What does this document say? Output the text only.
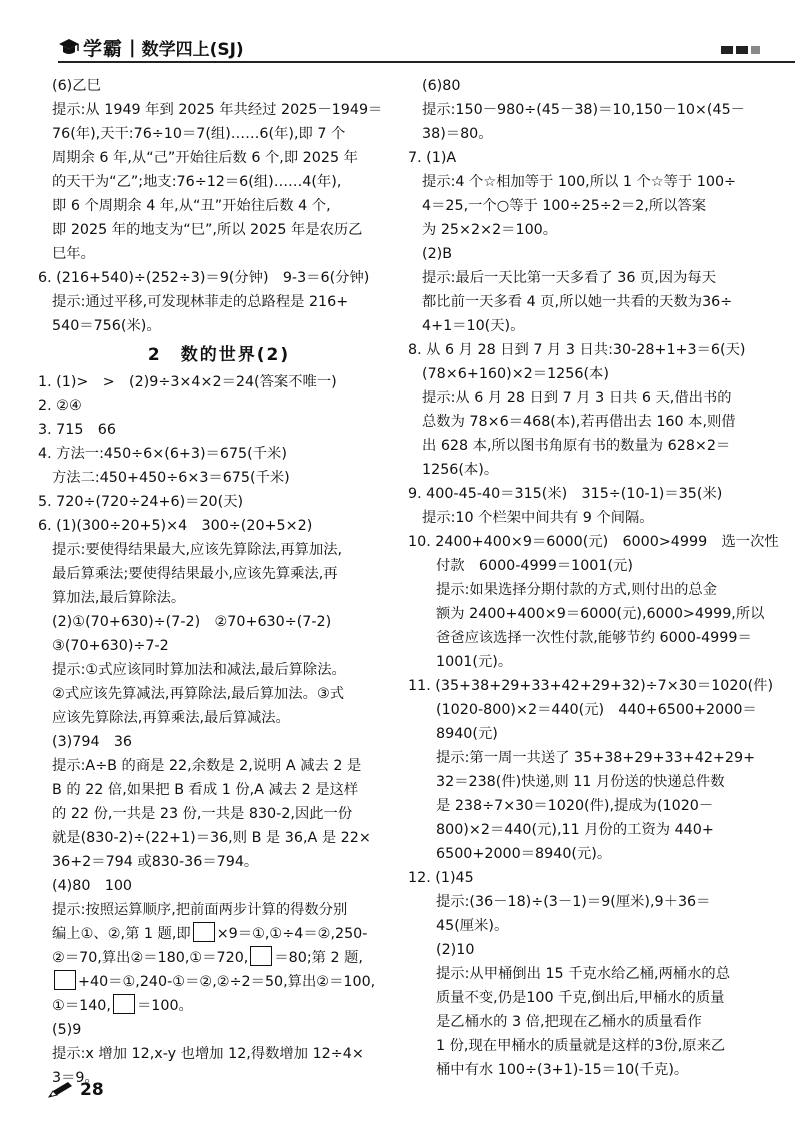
学霸 | 数学四上(SJ)
(6)乙巳
提示:从 1949 年到 2025 年共经过 2025－1949＝
76(年),天干:76÷10＝7(组)……6(年),即 7 个
周期余 6 年,从“己”开始往后数 6 个,即 2025 年
的天干为“乙”;地支:76÷12＝6(组)……4(年),
即 6 个周期余 4 年,从“丑”开始往后数 4 个,
即 2025 年的地支为“巳”,所以 2025 年是农历乙
巳年。
6. (216+540)÷(252÷3)＝9(分钟)　9-3＝6(分钟)
提示:通过平移,可发现林菲走的总路程是 216+
540＝756(米)。
2　数的世界(2)
1. (1)>　>　(2)9÷3×4×2＝24(答案不唯一)
2. ②④
3. 715　66
4. 方法一:450÷6×(6+3)＝675(千米)
方法二:450+450÷6×3＝675(千米)
5. 720÷(720÷24+6)＝20(天)
6. (1)(300÷20+5)×4　300÷(20+5×2)
提示:要使得结果最大,应该先算除法,再算加法,
最后算乘法;要使得结果最小,应该先算乘法,再
算加法,最后算除法。
(2)①(70+630)÷(7-2)　②70+630÷(7-2)
③(70+630)÷7-2
提示:①式应该同时算加法和减法,最后算除法。
②式应该先算减法,再算除法,最后算加法。③式
应该先算除法,再算乘法,最后算减法。
(3)794　36
提示:A÷B 的商是 22,余数是 2,说明 A 减去 2 是
B 的 22 倍,如果把 B 看成 1 份,A 减去 2 是这样
的 22 份,一共是 23 份,一共是 830-2,因此一份
就是(830-2)÷(22+1)＝36,则 B 是 36,A 是 22×
36+2＝794 或830-36＝794。
(4)80　100
提示:按照运算顺序,把前面两步计算的得数分别
编上①、②,第 1 题,即 ×9＝①,①÷4＝②,250-
②＝70,算出②＝180,①＝720, ＝80;第 2 题,
+40＝①,240-①＝②,②÷2＝50,算出②＝100,
①＝140, ＝100。
(5)9
提示:x 增加 12,x-y 也增加 12,得数增加 12÷4×
3＝9。
(6)80
提示:150－980÷(45－38)＝10,150－10×(45－
38)＝80。
7. (1)A
提示:4 个☆相加等于 100,所以 1 个☆等于 100÷
4＝25,一个○等于 100÷25÷2＝2,所以答案
为 25×2×2＝100。
(2)B
提示:最后一天比第一天多看了 36 页,因为每天
都比前一天多看 4 页,所以她一共看的天数为36÷
4+1＝10(天)。
8. 从 6 月 28 日到 7 月 3 日共:30-28+1+3＝6(天)
(78×6+160)×2＝1256(本)
提示:从 6 月 28 日到 7 月 3 日共 6 天,借出书的
总数为 78×6＝468(本),若再借出去 160 本,则借
出 628 本,所以图书角原有书的数量为 628×2＝
1256(本)。
9. 400-45-40＝315(米)　315÷(10-1)＝35(米)
提示:10 个栏架中间共有 9 个间隔。
10. 2400+400×9＝6000(元)　6000>4999　选一次性
付款　6000-4999＝1001(元)
提示:如果选择分期付款的方式,则付出的总金
额为 2400+400×9＝6000(元),6000>4999,所以
爸爸应该选择一次性付款,能够节约 6000-4999＝
1001(元)。
11. (35+38+29+33+42+29+32)÷7×30＝1020(件)
(1020-800)×2＝440(元)　440+6500+2000＝
8940(元)
提示:第一周一共送了 35+38+29+33+42+29+
32＝238(件)快递,则 11 月份送的快递总件数
是 238÷7×30＝1020(件),提成为(1020－
800)×2＝440(元),11 月份的工资为 440+
6500+2000＝8940(元)。
12. (1)45
提示:(36－18)÷(3－1)＝9(厘米),9＋36＝
45(厘米)。
(2)10
提示:从甲桶倒出 15 千克水给乙桶,两桶水的总
质量不变,仍是100 千克,倒出后,甲桶水的质量
是乙桶水的 3 倍,把现在乙桶水的质量看作
1 份,现在甲桶水的质量就是这样的3份,原来乙
桶中有水 100÷(3+1)-15＝10(千克)。
28
